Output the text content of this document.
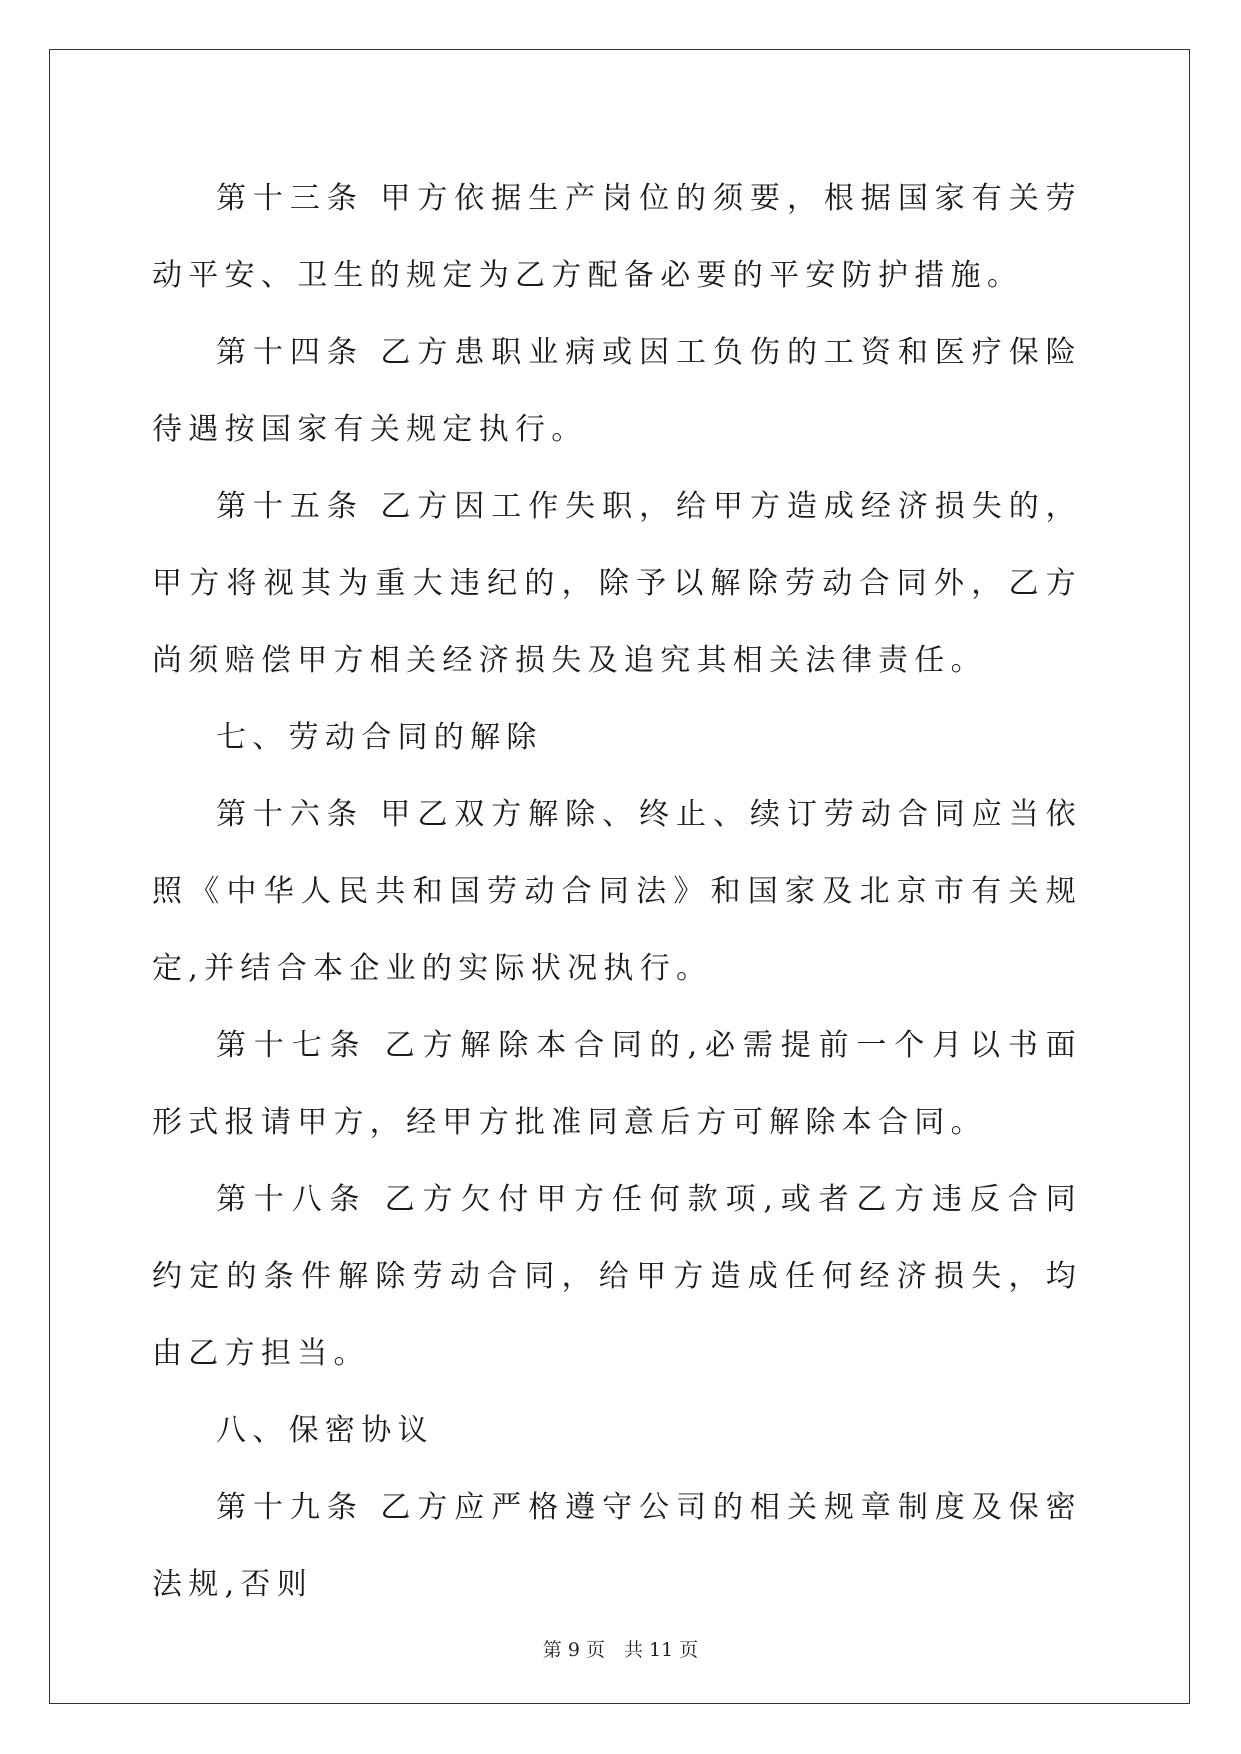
第十三条 甲方依据生产岗位的须要，根据国家有关劳动平安、卫生的规定为乙方配备必要的平安防护措施。

第十四条 乙方患职业病或因工负伤的工资和医疗保险待遇按国家有关规定执行。

第十五条 乙方因工作失职，给甲方造成经济损失的，甲方将视其为重大违纪的，除予以解除劳动合同外，乙方尚须赔偿甲方相关经济损失及追究其相关法律责任。

七、劳动合同的解除

第十六条 甲乙双方解除、终止、续订劳动合同应当依照《中华人民共和国劳动合同法》和国家及北京市有关规定,并结合本企业的实际状况执行。

第十七条 乙方解除本合同的,必需提前一个月以书面形式报请甲方，经甲方批准同意后方可解除本合同。

第十八条 乙方欠付甲方任何款项,或者乙方违反合同约定的条件解除劳动合同，给甲方造成任何经济损失，均由乙方担当。

八、保密协议

第十九条 乙方应严格遵守公司的相关规章制度及保密法规,否则

第 9 页　共 11 页
